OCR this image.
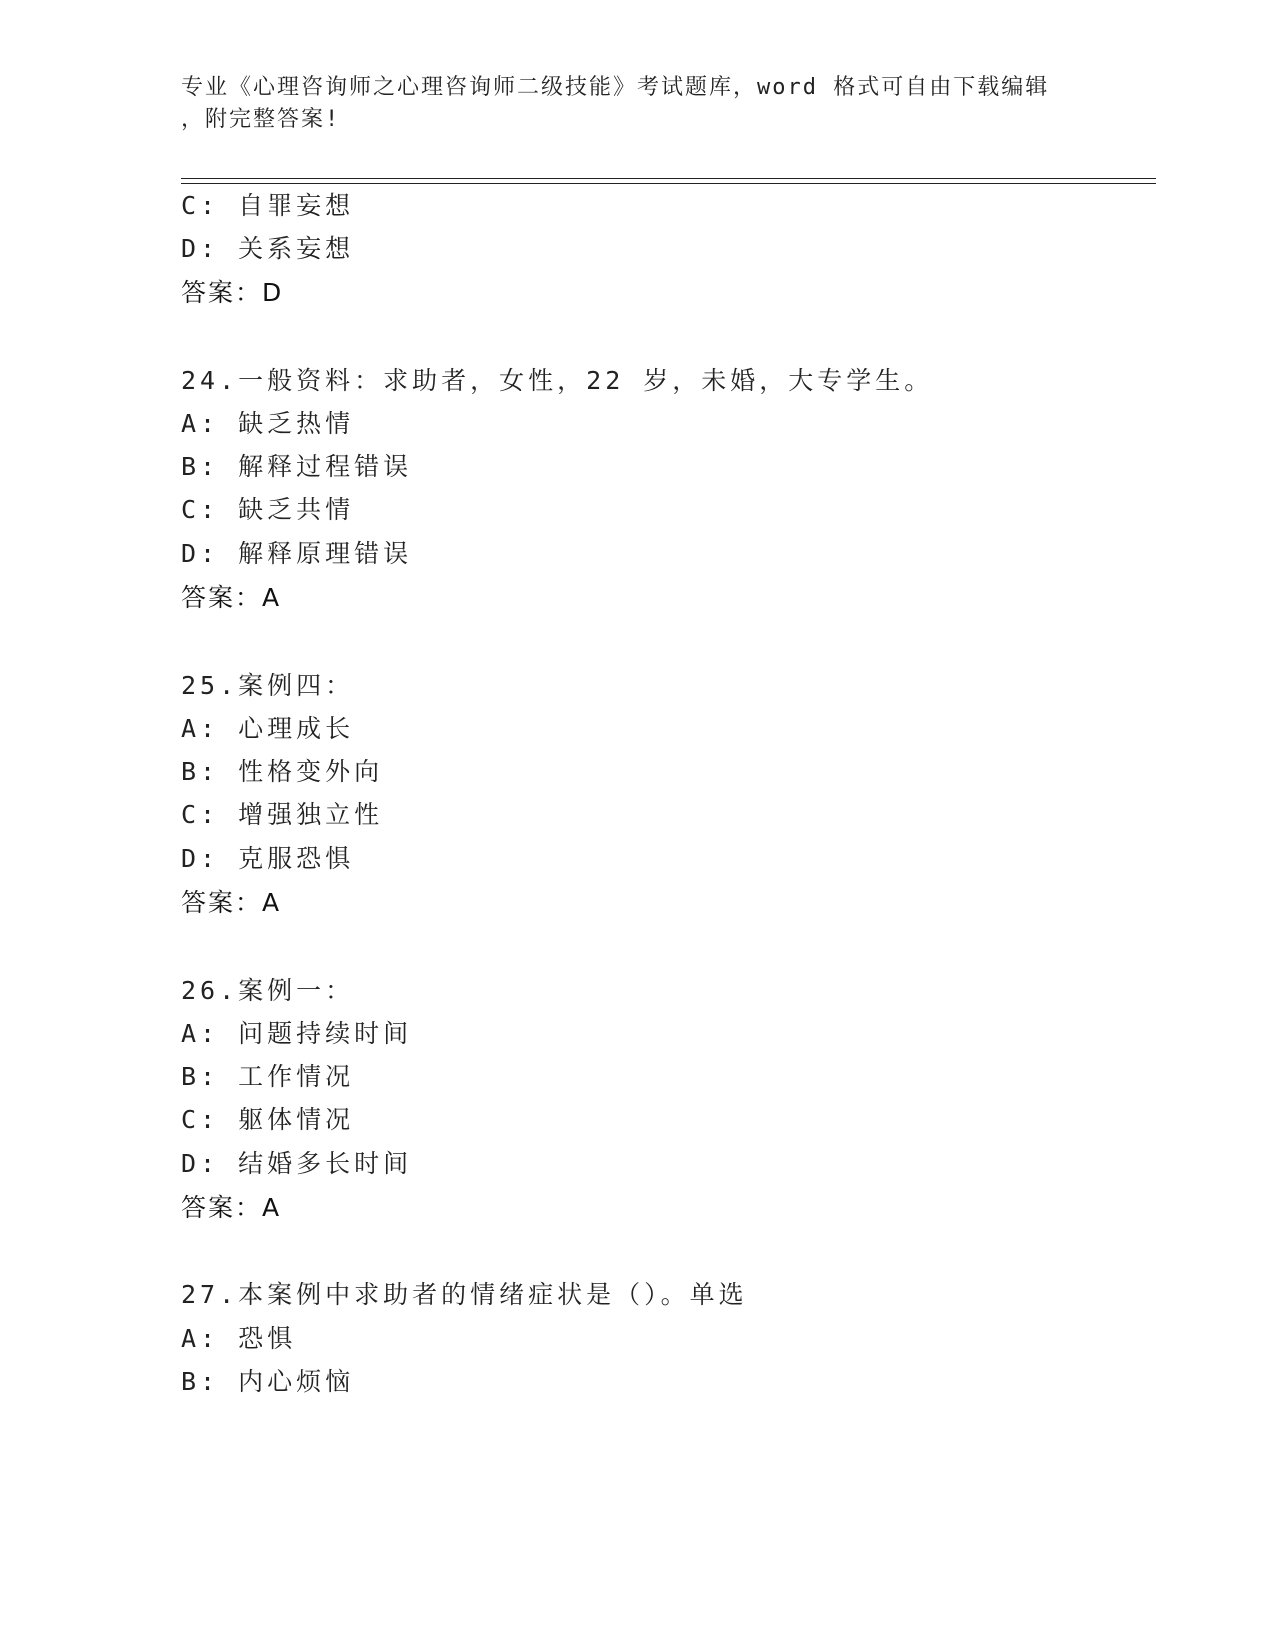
专业《心理咨询师之心理咨询师二级技能》考试题库，word 格式可自由下载编辑
，附完整答案!
C: 自罪妄想
D: 关系妄想
答案：D
24.一般资料：求助者，女性，22 岁，未婚，大专学生。
A: 缺乏热情
B: 解释过程错误
C: 缺乏共情
D: 解释原理错误
答案：A
25.案例四：
A: 心理成长
B: 性格变外向
C: 增强独立性
D: 克服恐惧
答案：A
26.案例一：
A: 问题持续时间
B: 工作情况
C: 躯体情况
D: 结婚多长时间
答案：A
27.本案例中求助者的情绪症状是（）。单选
A: 恐惧
B: 内心烦恼
